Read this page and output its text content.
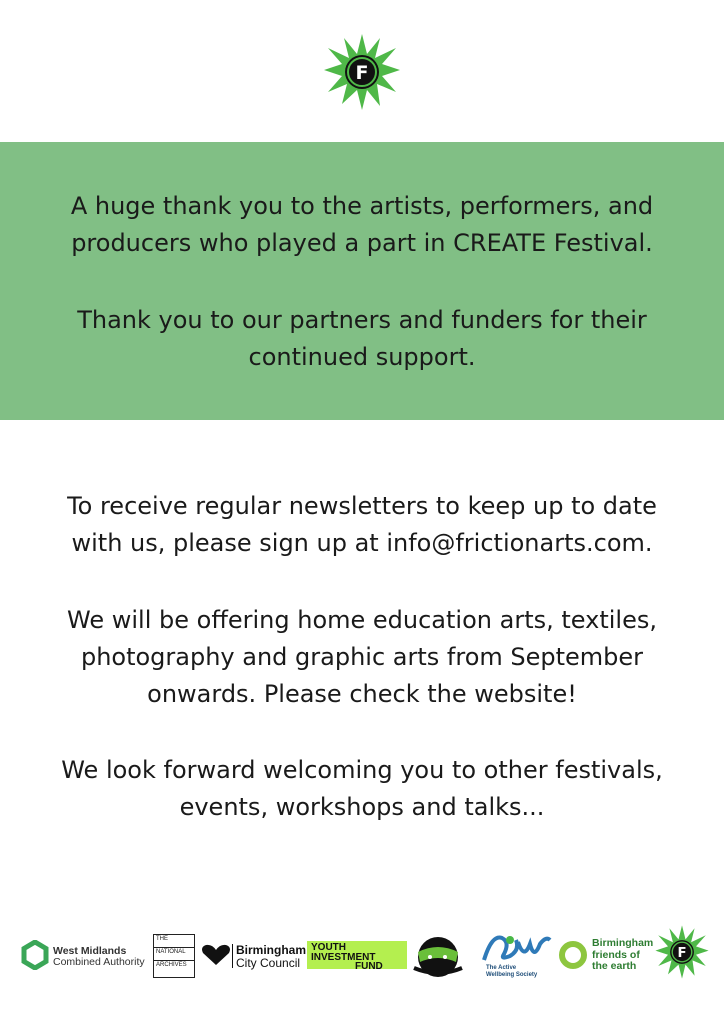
F

A huge thank you to the artists, performers, and producers who played a part in CREATE Festival.

Thank you to our partners and funders for their continued support.

To receive regular newsletters to keep up to date with us, please sign up at info@frictionarts.com.

We will be offering home education arts, textiles, photography and graphic arts from September onwards. Please check the website!

We look forward welcoming you to other festivals, events, workshops and talks...

West Midlands
Combined Authority
THE
NATIONAL
ARCHIVES
Birmingham
City Council
YOUTH
INVESTMENT
FUND	The Active
Wellbeing Society
Birmingham
friends of
the earth
F
